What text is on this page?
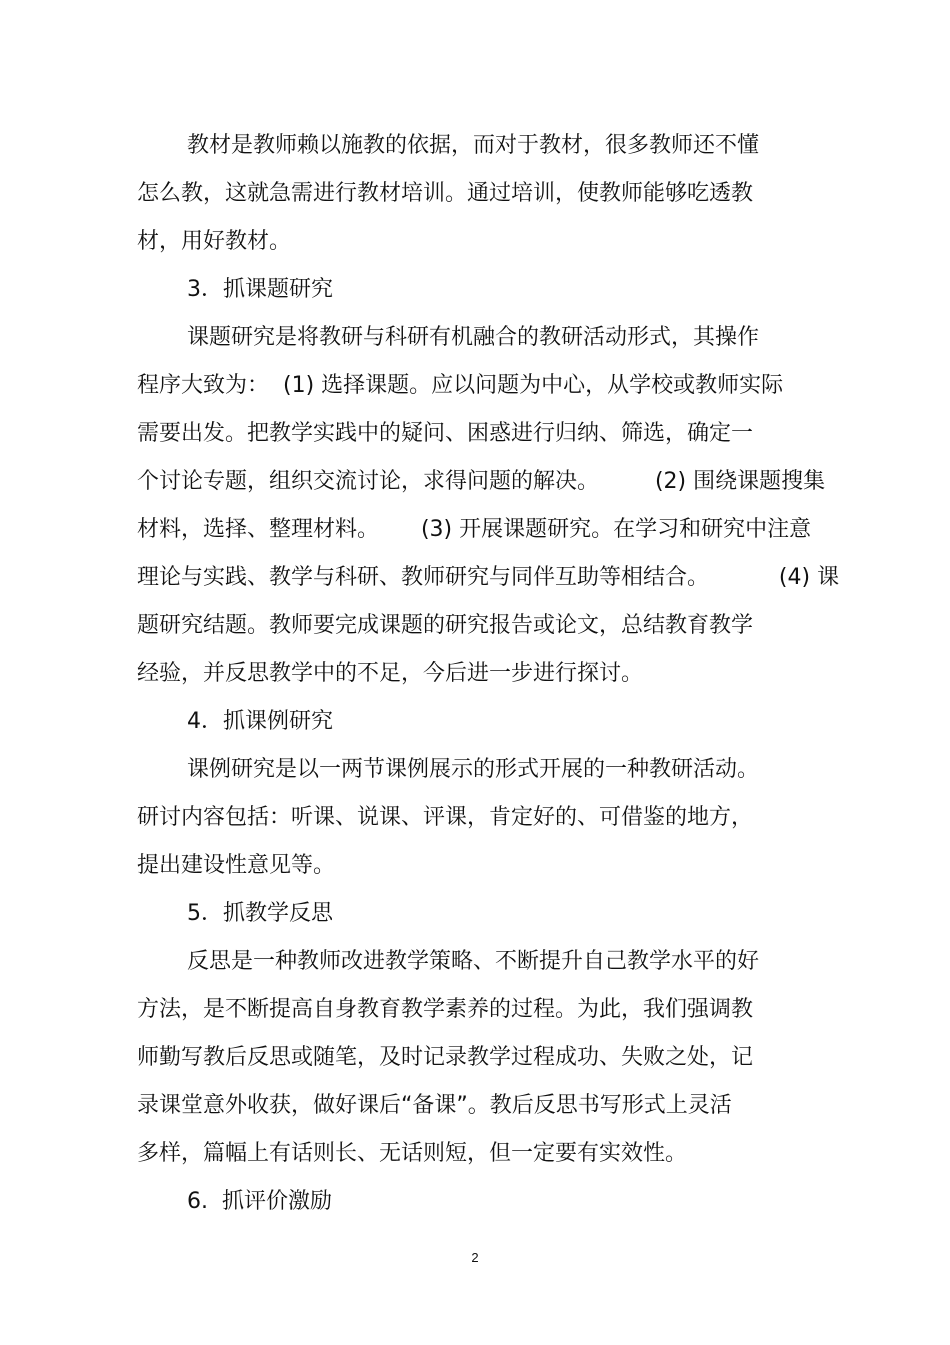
教材是教师赖以施教的依据，而对于教材，很多教师还不懂
怎么教，这就急需进行教材培训。通过培训，使教师能够吃透教
材，用好教材。
3．抓课题研究
课题研究是将教研与科研有机融合的教研活动形式，其操作
程序大致为：  (1) 选择课题。应以问题为中心，从学校或教师实际
需要出发。把教学实践中的疑问、困惑进行归纳、筛选，确定一
个讨论专题，组织交流讨论，求得问题的解决。        (2) 围绕课题搜集
材料，选择、整理材料。      (3) 开展课题研究。在学习和研究中注意
理论与实践、教学与科研、教师研究与同伴互助等相结合。          (4) 课
题研究结题。教师要完成课题的研究报告或论文，总结教育教学
经验，并反思教学中的不足，今后进一步进行探讨。
4．抓课例研究
课例研究是以一两节课例展示的形式开展的一种教研活动。
研讨内容包括：听课、说课、评课，肯定好的、可借鉴的地方，
提出建设性意见等。
5．抓教学反思
反思是一种教师改进教学策略、不断提升自己教学水平的好
方法，是不断提高自身教育教学素养的过程。为此，我们强调教
师勤写教后反思或随笔，及时记录教学过程成功、失败之处，记
录课堂意外收获，做好课后“备课”。教后反思书写形式上灵活
多样，篇幅上有话则长、无话则短，但一定要有实效性。
6.  抓评价激励
2
